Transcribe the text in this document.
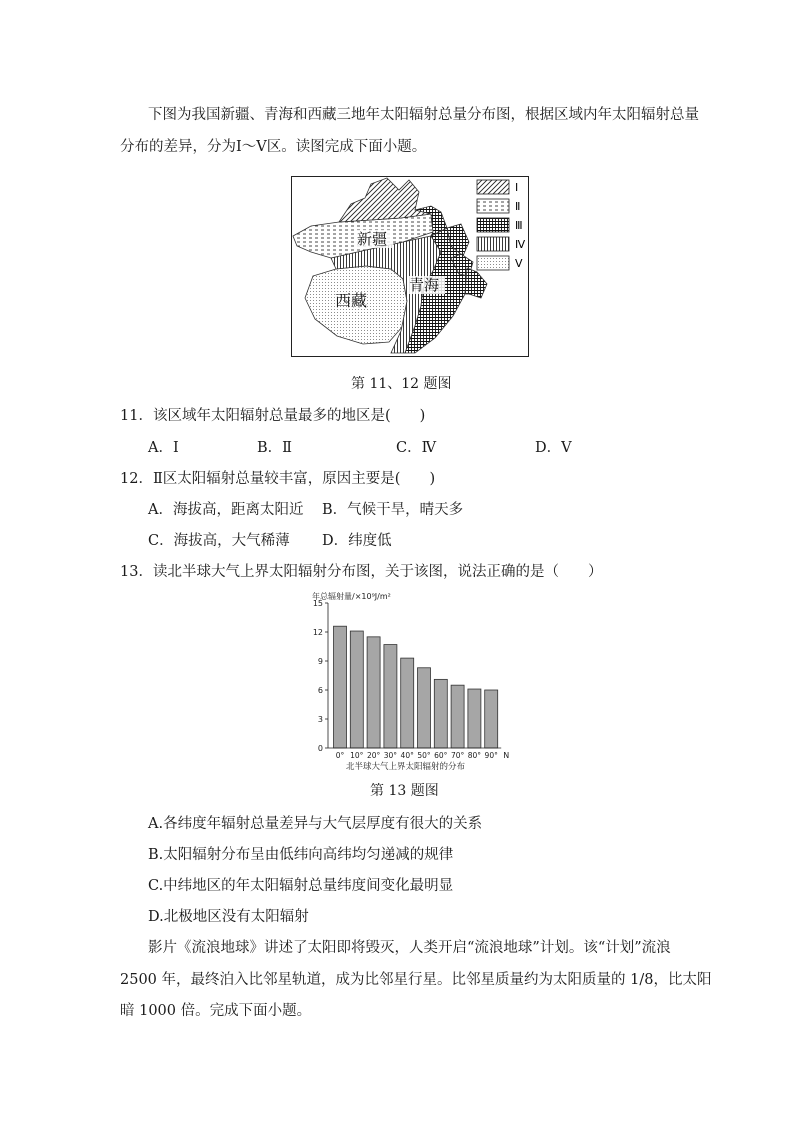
下图为我国新疆、青海和西藏三地年太阳辐射总量分布图，根据区域内年太阳辐射总量
分布的差异，分为Ⅰ～Ⅴ区。读图完成下面小题。
新疆
青海
西藏
Ⅰ
Ⅱ
Ⅲ
Ⅳ
Ⅴ
第 11、12 题图
11．该区域年太阳辐射总量最多的地区是(　　)
A．Ⅰ	B．Ⅱ	C．Ⅳ	D．Ⅴ
12．Ⅱ区太阳辐射总量较丰富，原因主要是(　　)
A．海拔高，距离太阳近 B．气候干旱，晴天多
C．海拔高，大气稀薄 D．纬度低
13．读北半球大气上界太阳辐射分布图，关于该图，说法正确的是（　　）
年总辐射量/×10⁹J/m²
0
3
6
9
12
15
0° 10° 20° 30° 40° 50° 60° 70° 80° 90° N
北半球大气上界太阳辐射的分布
第 13 题图
A.各纬度年辐射总量差异与大气层厚度有很大的关系
B.太阳辐射分布呈由低纬向高纬均匀递减的规律
C.中纬地区的年太阳辐射总量纬度间变化最明显
D.北极地区没有太阳辐射
影片《流浪地球》讲述了太阳即将毁灭，人类开启“流浪地球”计划。该“计划”流浪
2500 年，最终泊入比邻星轨道，成为比邻星行星。比邻星质量约为太阳质量的 1/8，比太阳
暗 1000 倍。完成下面小题。
